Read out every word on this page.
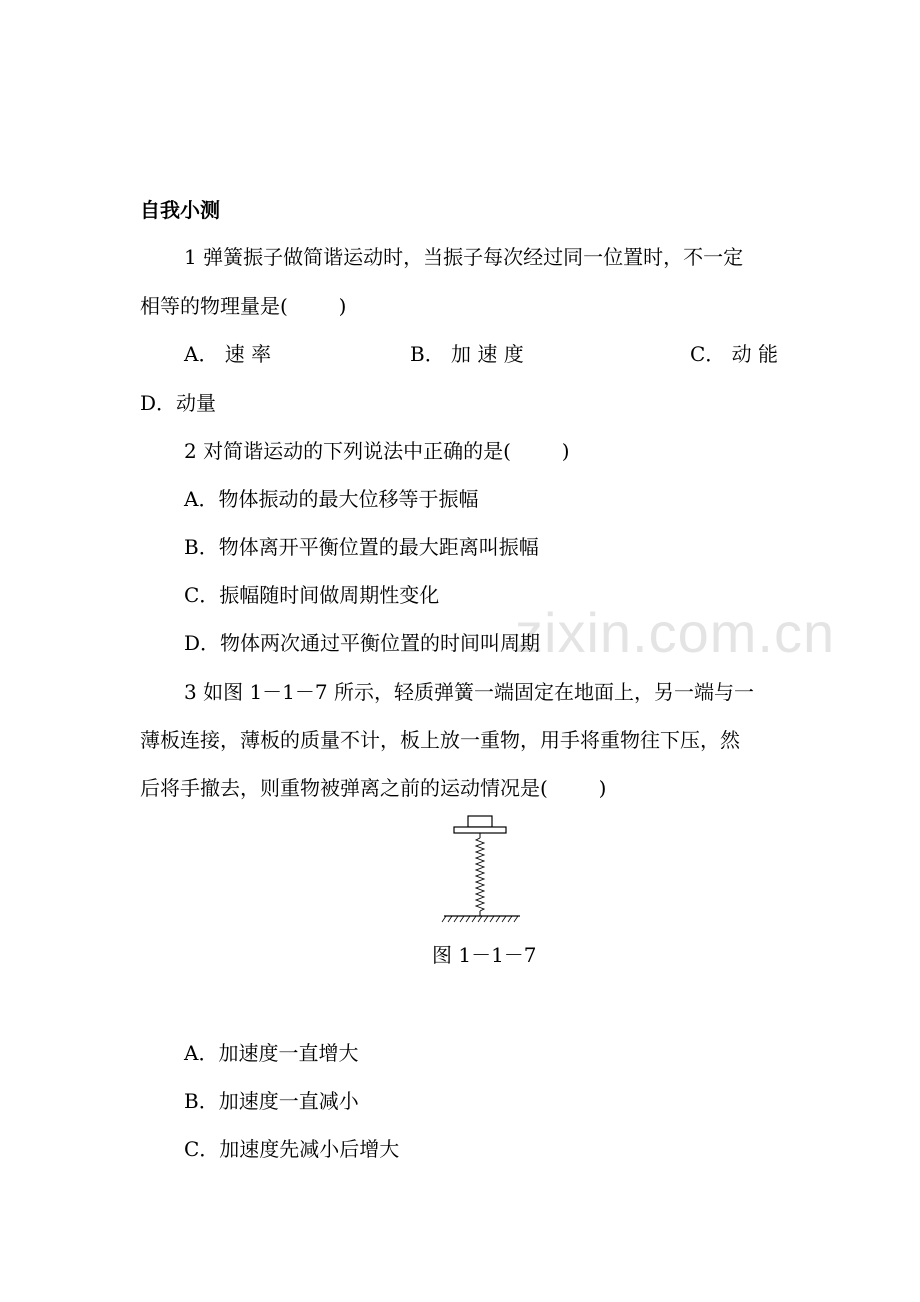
zixin.com.cn
自我小测
1 弹簧振子做简谐运动时，当振子每次经过同一位置时，不一定
相等的物理量是(        )
A． 速 率	B． 加 速 度	C． 动 能
D．动量
2 对简谐运动的下列说法中正确的是(        )
A．物体振动的最大位移等于振幅
B．物体离开平衡位置的最大距离叫振幅
C．振幅随时间做周期性变化
D．物体两次通过平衡位置的时间叫周期
3 如图 1－1－7 所示，轻质弹簧一端固定在地面上，另一端与一
薄板连接，薄板的质量不计，板上放一重物，用手将重物往下压，然
后将手撤去，则重物被弹离之前的运动情况是(        )
图 1－1－7
A．加速度一直增大
B．加速度一直减小
C．加速度先减小后增大
